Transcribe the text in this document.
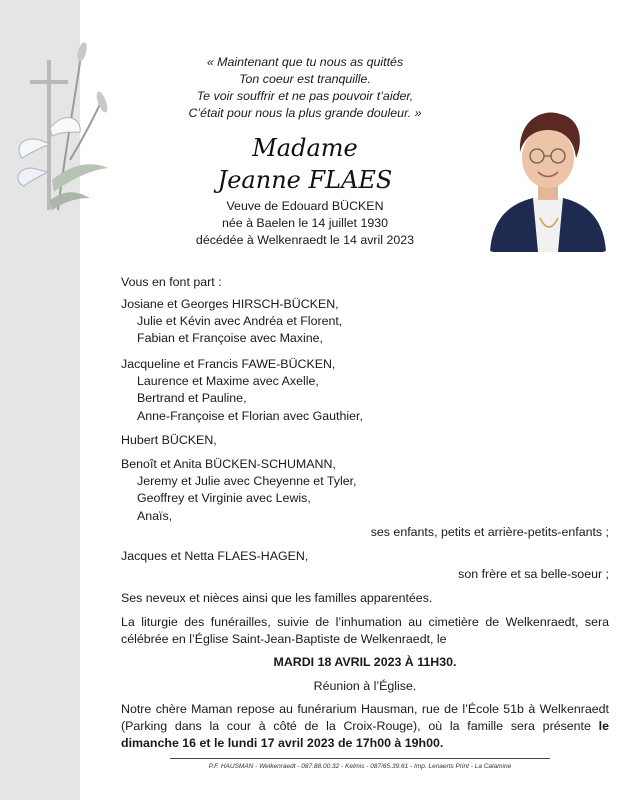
« Maintenant que tu nous as quittés
Ton coeur est tranquille.
Te voir souffrir et ne pas pouvoir t’aider,
C’était pour nous la plus grande douleur. »
Madame
Jeanne FLAES
Veuve de Edouard BÜCKEN
née à Baelen le 14 juillet 1930
décédée à Welkenraedt le 14 avril 2023
Vous en font part :
Josiane et Georges HIRSCH-BÜCKEN,
Julie et Kévin avec Andréa et Florent,
Fabian et Françoise avec Maxine,
Jacqueline et Francis FAWE-BÜCKEN,
Laurence et Maxime avec Axelle,
Bertrand et Pauline,
Anne-Françoise et Florian avec Gauthier,
Hubert BÜCKEN,
Benoît et Anita BÜCKEN-SCHUMANN,
Jeremy et Julie avec Cheyenne et Tyler,
Geoffrey et Virginie avec Lewis,
Anaïs,
ses enfants, petits et arrière-petits-enfants ;
Jacques et Netta FLAES-HAGEN,
son frère et sa belle-soeur ;
Ses neveux et nièces ainsi que les familles apparentées.
La liturgie des funérailles, suivie de l’inhumation au cimetière de Welkenraedt, sera célébrée en l’Église Saint-Jean-Baptiste de Welkenraedt, le
MARDI 18 AVRIL 2023 À 11H30.
Réunion à l’Église.
Notre chère Maman repose au funérarium Hausman, rue de l’École 51b à Welkenraedt (Parking dans la cour à côté de la Croix-Rouge), où la famille sera présente le dimanche 16 et le lundi 17 avril 2023 de 17h00 à 19h00.
P.F. HAUSMAN - Welkenraedt - 087.88.00.32 - Kelmis - 087/65.39.61 - Imp. Lenaerts Print - La Calamine
